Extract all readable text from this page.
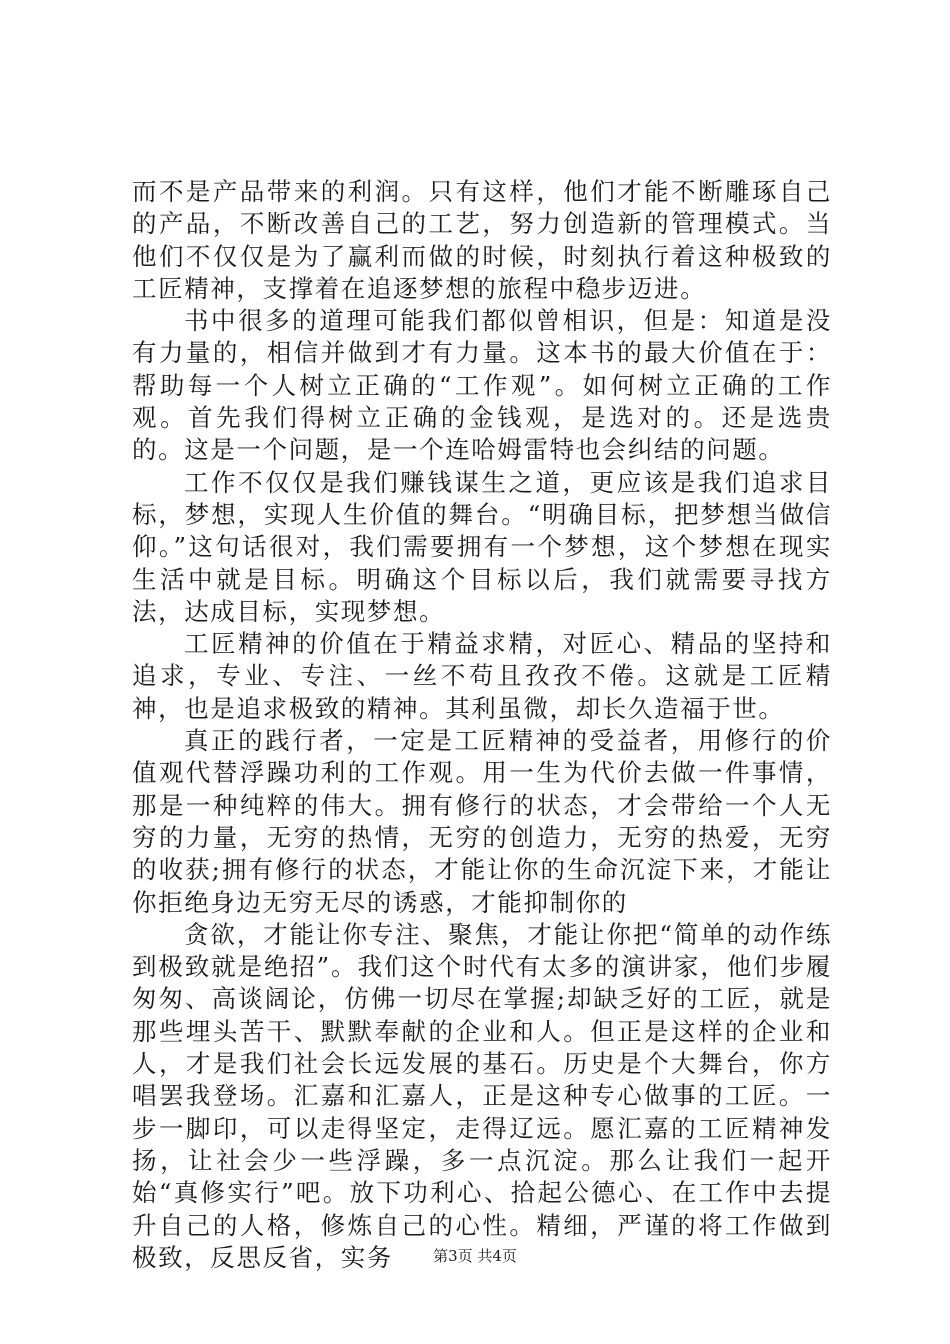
而不是产品带来的利润。只有这样，他们才能不断雕琢自己的产品，不断改善自己的工艺，努力创造新的管理模式。当他们不仅仅是为了赢利而做的时候，时刻执行着这种极致的工匠精神，支撑着在追逐梦想的旅程中稳步迈进。

书中很多的道理可能我们都似曾相识，但是：知道是没有力量的，相信并做到才有力量。这本书的最大价值在于：帮助每一个人树立正确的“工作观”。如何树立正确的工作观。首先我们得树立正确的金钱观，是选对的。还是选贵的。这是一个问题，是一个连哈姆雷特也会纠结的问题。

工作不仅仅是我们赚钱谋生之道，更应该是我们追求目标，梦想，实现人生价值的舞台。“明确目标，把梦想当做信仰。”这句话很对，我们需要拥有一个梦想，这个梦想在现实生活中就是目标。明确这个目标以后，我们就需要寻找方法，达成目标，实现梦想。

工匠精神的价值在于精益求精，对匠心、精品的坚持和追求，专业、专注、一丝不苟且孜孜不倦。这就是工匠精神，也是追求极致的精神。其利虽微，却长久造福于世。

真正的践行者，一定是工匠精神的受益者，用修行的价值观代替浮躁功利的工作观。用一生为代价去做一件事情，那是一种纯粹的伟大。拥有修行的状态，才会带给一个人无穷的力量，无穷的热情，无穷的创造力，无穷的热爱，无穷的收获;拥有修行的状态，才能让你的生命沉淀下来，才能让你拒绝身边无穷无尽的诱惑，才能抑制你的

贪欲，才能让你专注、聚焦，才能让你把“简单的动作练到极致就是绝招”。我们这个时代有太多的演讲家，他们步履匆匆、高谈阔论，仿佛一切尽在掌握;却缺乏好的工匠，就是那些埋头苦干、默默奉献的企业和人。但正是这样的企业和人，才是我们社会长远发展的基石。历史是个大舞台，你方唱罢我登场。汇嘉和汇嘉人，正是这种专心做事的工匠。一步一脚印，可以走得坚定，走得辽远。愿汇嘉的工匠精神发扬，让社会少一些浮躁，多一点沉淀。那么让我们一起开始“真修实行”吧。放下功利心、拾起公德心、在工作中去提升自己的人格，修炼自己的心性。精细，严谨的将工作做到极致，反思反省，实务	第3页 共4页
